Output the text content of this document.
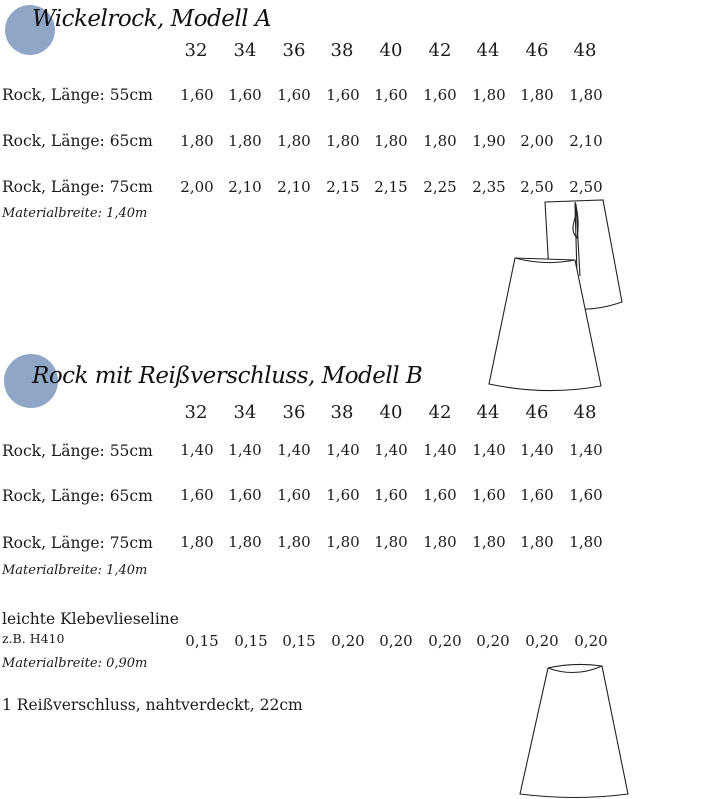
Wickelrock, Modell A
32	34	36	38	40	42	44	46	48
Rock, Länge: 55cm	1,60 1,60	1,60	1,60 1,60	1,60	1,80 1,80	1,80
Rock, Länge: 65cm	1,80 1,80	1,80	1,80 1,80	1,80	1,90 2,00	2,10
Rock, Länge: 75cm	2,00 2,10	2,10	2,15 2,15	2,25	2,35 2,50	2,50
Materialbreite: 1,40m
Rock mit Reißverschluss, Modell B
32	34	36	38	40	42	44	46	48
Rock, Länge: 55cm	1,40 1,40	1,40	1,40 1,40	1,40	1,40 1,40	1,40
Rock, Länge: 65cm	1,60 1,60	1,60	1,60 1,60	1,60	1,60 1,60	1,60
Rock, Länge: 75cm	1,80 1,80	1,80	1,80 1,80	1,80	1,80 1,80	1,80
Materialbreite: 1,40m
leichte Klebevlieseline
z.B. H410	0,15	0,15 0,15	0,20 0,20	0,20 0,20	0,20	0,20
Materialbreite: 0,90m
1 Reißverschluss, nahtverdeckt, 22cm
